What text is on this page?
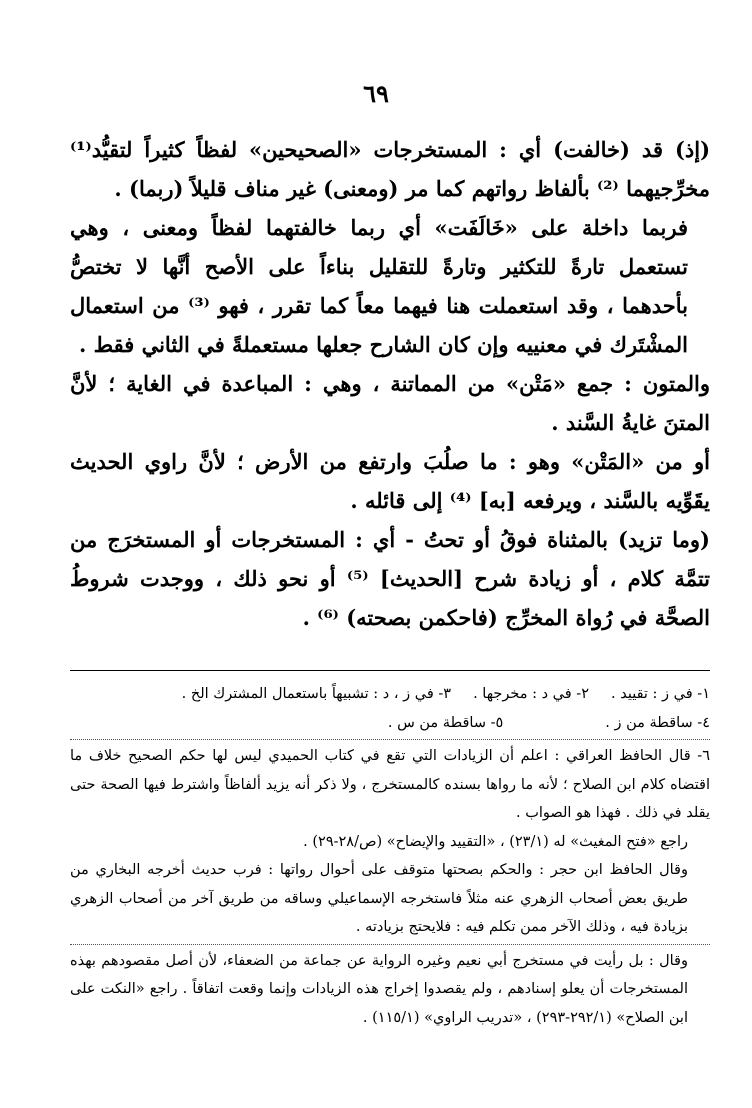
٦٩

(إذ) قد (خالفت) أي : المستخرجات «الصحيحين» لفظاً كثيراً لتقيُّد⁽¹⁾ مخرِّجيهما ⁽²⁾ بألفاظ رواتهم كما مر (ومعنى) غير مناف قليلاً (ربما) .

فربما داخلة على «خَالَفَت» أي ربما خالفتهما لفظاً ومعنى ، وهي تستعمل تارةً للتكثير وتارةً للتقليل بناءاً على الأصح أنَّها لا تختصُّ بأحدهما ، وقد استعملت هنا فيهما معاً كما تقرر ، فهو ⁽³⁾ من استعمال المشْتَرك في معنييه وإن كان الشارح جعلها مستعملةً في الثاني فقط .

والمتون : جمع «مَتْن» من المماتنة ، وهي : المباعدة في الغاية ؛ لأنَّ المتنَ غايةُ السَّند .

أو من «المَتْن» وهو : ما صلُبَ وارتفع من الأرض ؛ لأنَّ راوي الحديث يقَوِّيه بالسَّند ، ويرفعه [به] ⁽⁴⁾ إلى قائله .

(وما تزيد) بالمثناة فوقُ أو تحتُ - أي : المستخرجات أو المستخرَج من تتمَّة كلام ، أو زيادة شرح [الحديث] ⁽⁵⁾ أو نحو ذلك ، ووجدت شروطُ الصحَّة في رُواة المخرِّج (فاحكمن بصحته) ⁽⁶⁾ .

١- في ز : تقييد .
٢- في د : مخرجها .
٣- في ز ، د : تشبيهاً باستعمال المشترك الخ .
٤- ساقطة من ز .
٥- ساقطة من س .

٦- قال الحافظ العراقي : اعلم أن الزيادات التي تقع في كتاب الحميدي ليس لها حكم الصحيح خلاف ما اقتضاه كلام ابن الصلاح ؛ لأنه ما رواها بسنده كالمستخرج ، ولا ذكر أنه يزيد ألفاظاً واشترط فيها الصحة حتى يقلد في ذلك . فهذا هو الصواب .

راجع «فتح المغيث» له (٢٣/١) ، «التقييد والإيضاح» (ص/٢٨-٢٩) .

وقال الحافظ ابن حجر : والحكم بصحتها متوقف على أحوال رواتها : فرب حديث أخرجه البخاري من طريق بعض أصحاب الزهري عنه مثلاً فاستخرجه الإسماعيلي وساقه من طريق آخر من أصحاب الزهري بزيادة فيه ، وذلك الآخر ممن تكلم فيه : فلايحتج بزيادته .

وقال : بل رأيت في مستخرج أبي نعيم وغيره الرواية عن جماعة من الضعفاء، لأن أصل مقصودهم بهذه المستخرجات أن يعلو إسنادهم ، ولم يقصدوا إخراج هذه الزيادات وإنما وقعت اتفاقاً . راجع «النكت على ابن الصلاح» (٢٩٢/١-٢٩٣) ، «تدريب الراوي» (١١٥/١) .
